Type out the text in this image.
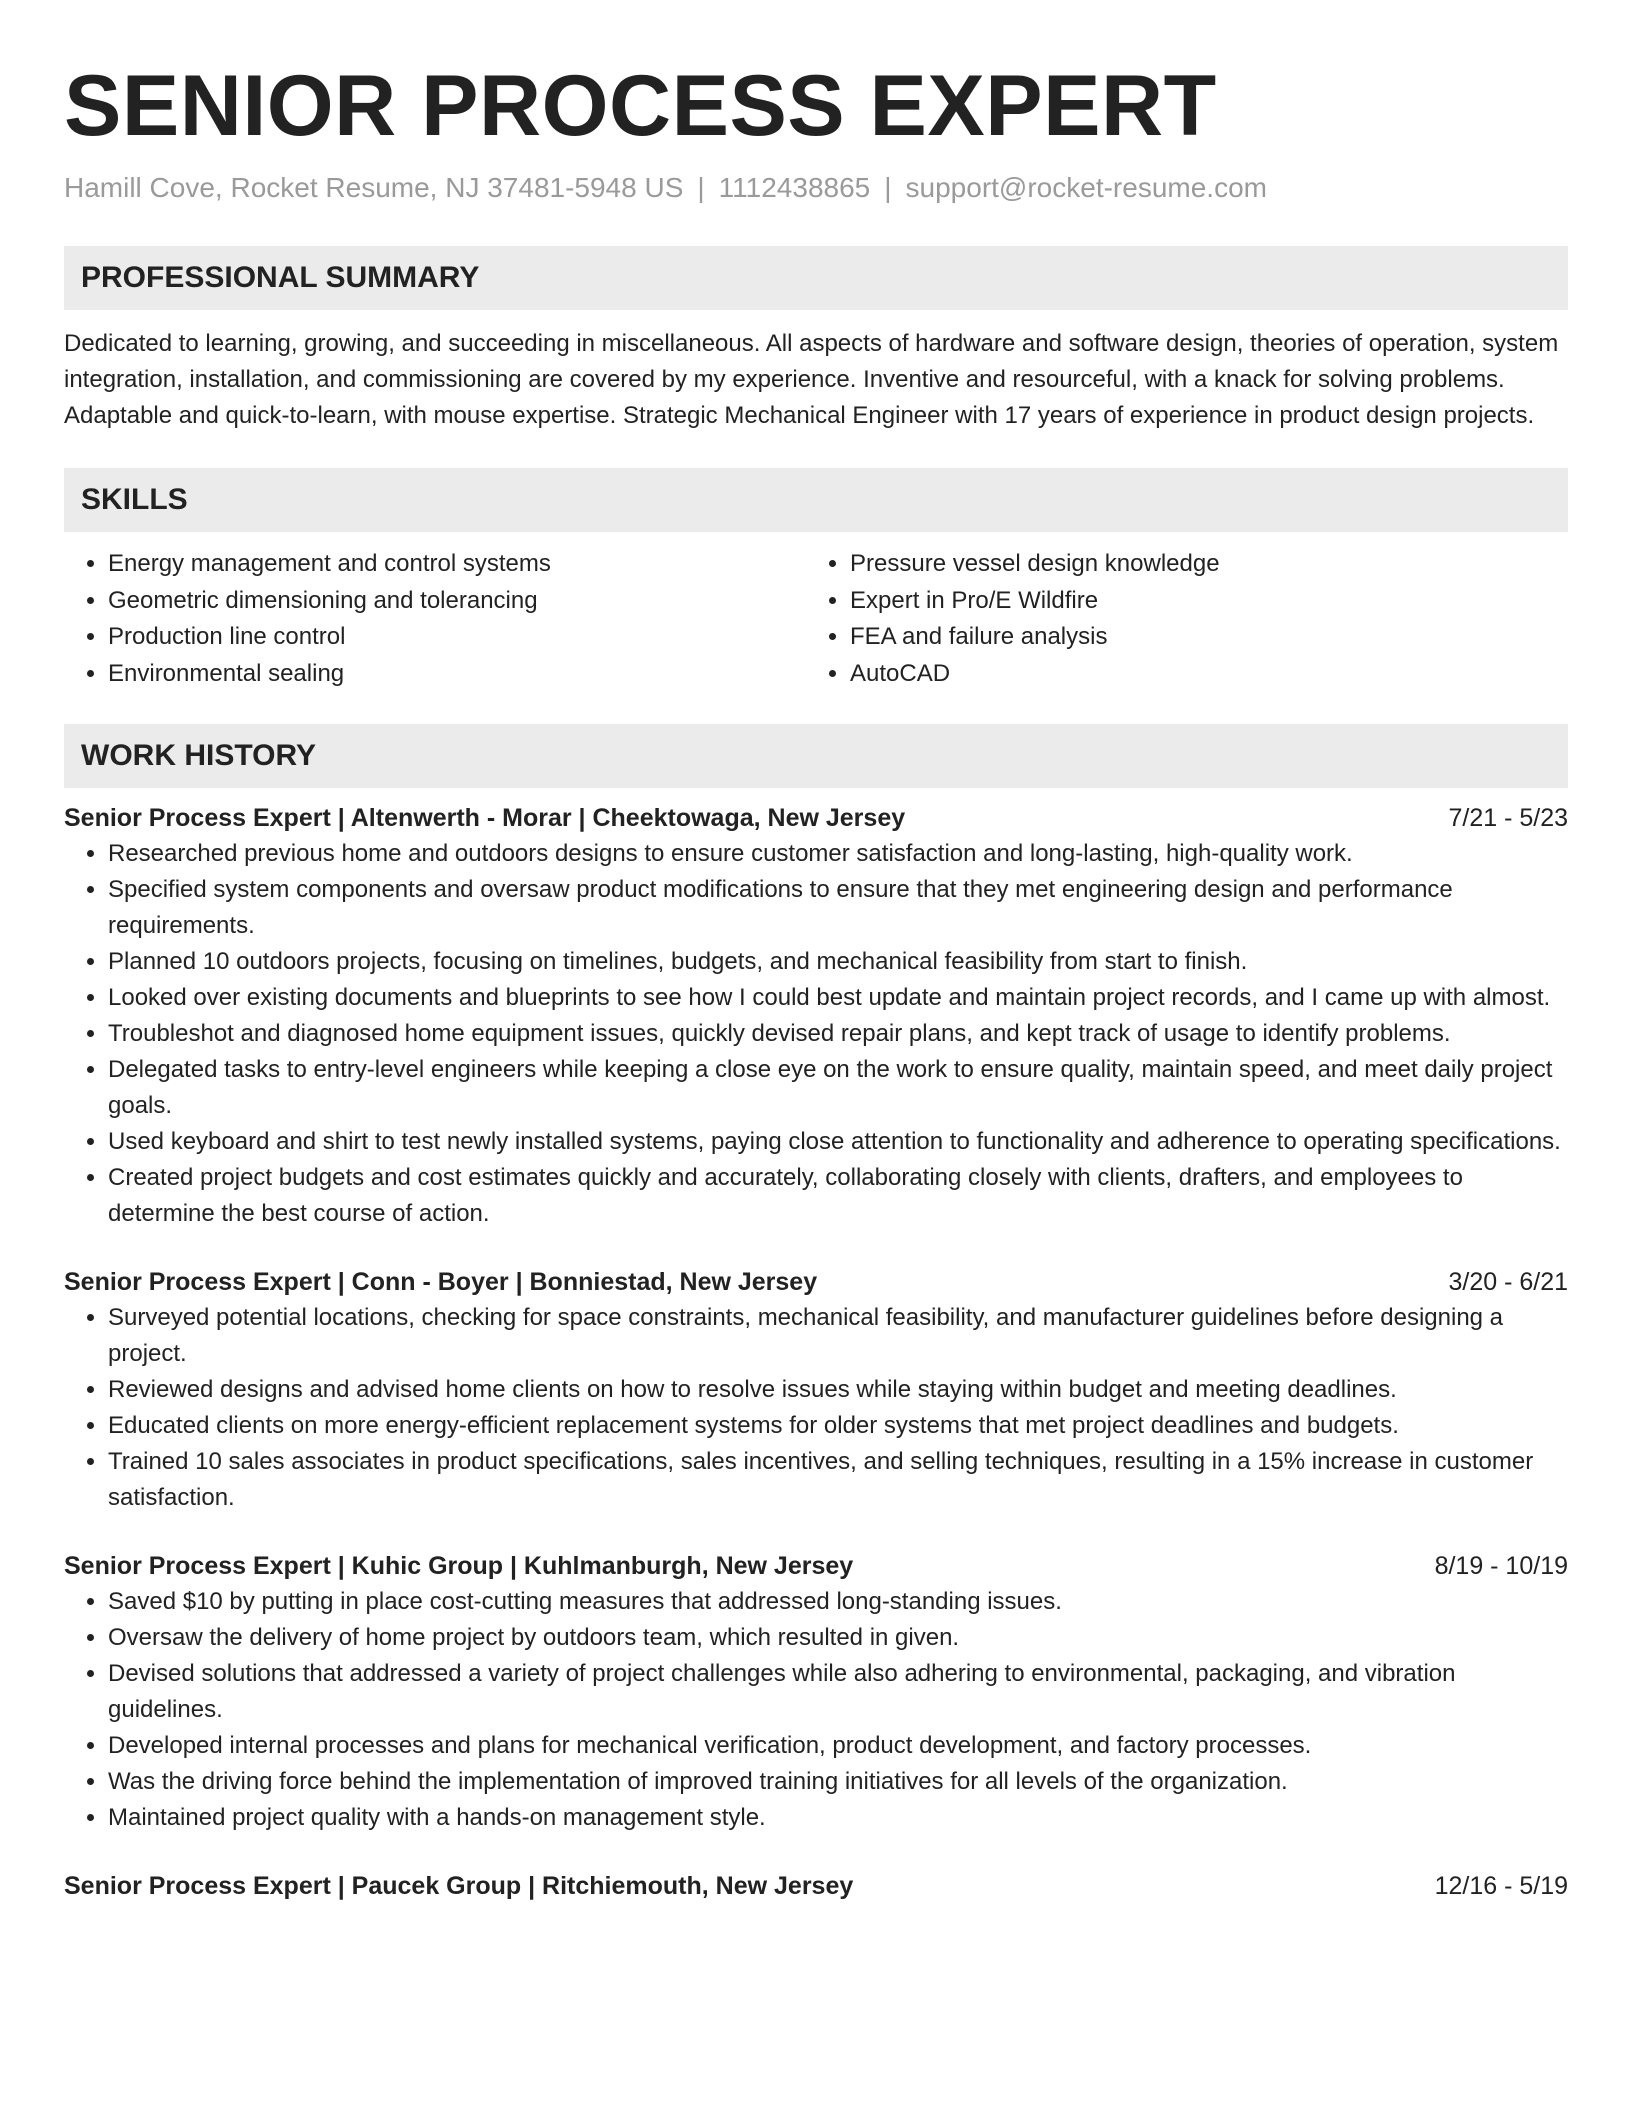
SENIOR PROCESS EXPERT
Hamill Cove, Rocket Resume, NJ 37481-5948 US | 1112438865 | support@rocket-resume.com
PROFESSIONAL SUMMARY
Dedicated to learning, growing, and succeeding in miscellaneous. All aspects of hardware and software design, theories of operation, system integration, installation, and commissioning are covered by my experience. Inventive and resourceful, with a knack for solving problems. Adaptable and quick-to-learn, with mouse expertise. Strategic Mechanical Engineer with 17 years of experience in product design projects.
SKILLS
• Energy management and control systems
• Geometric dimensioning and tolerancing
• Production line control
• Environmental sealing
• Pressure vessel design knowledge
• Expert in Pro/E Wildfire
• FEA and failure analysis
• AutoCAD
WORK HISTORY
Senior Process Expert | Altenwerth - Morar | Cheektowaga, New Jersey	7/21 - 5/23
• Researched previous home and outdoors designs to ensure customer satisfaction and long-lasting, high-quality work.
• Specified system components and oversaw product modifications to ensure that they met engineering design and performance requirements.
• Planned 10 outdoors projects, focusing on timelines, budgets, and mechanical feasibility from start to finish.
• Looked over existing documents and blueprints to see how I could best update and maintain project records, and I came up with almost.
• Troubleshot and diagnosed home equipment issues, quickly devised repair plans, and kept track of usage to identify problems.
• Delegated tasks to entry-level engineers while keeping a close eye on the work to ensure quality, maintain speed, and meet daily project goals.
• Used keyboard and shirt to test newly installed systems, paying close attention to functionality and adherence to operating specifications.
• Created project budgets and cost estimates quickly and accurately, collaborating closely with clients, drafters, and employees to determine the best course of action.
Senior Process Expert | Conn - Boyer | Bonniestad, New Jersey	3/20 - 6/21
• Surveyed potential locations, checking for space constraints, mechanical feasibility, and manufacturer guidelines before designing a project.
• Reviewed designs and advised home clients on how to resolve issues while staying within budget and meeting deadlines.
• Educated clients on more energy-efficient replacement systems for older systems that met project deadlines and budgets.
• Trained 10 sales associates in product specifications, sales incentives, and selling techniques, resulting in a 15% increase in customer satisfaction.
Senior Process Expert | Kuhic Group | Kuhlmanburgh, New Jersey	8/19 - 10/19
• Saved $10 by putting in place cost-cutting measures that addressed long-standing issues.
• Oversaw the delivery of home project by outdoors team, which resulted in given.
• Devised solutions that addressed a variety of project challenges while also adhering to environmental, packaging, and vibration guidelines.
• Developed internal processes and plans for mechanical verification, product development, and factory processes.
• Was the driving force behind the implementation of improved training initiatives for all levels of the organization.
• Maintained project quality with a hands-on management style.
Senior Process Expert | Paucek Group | Ritchiemouth, New Jersey	12/16 - 5/19
